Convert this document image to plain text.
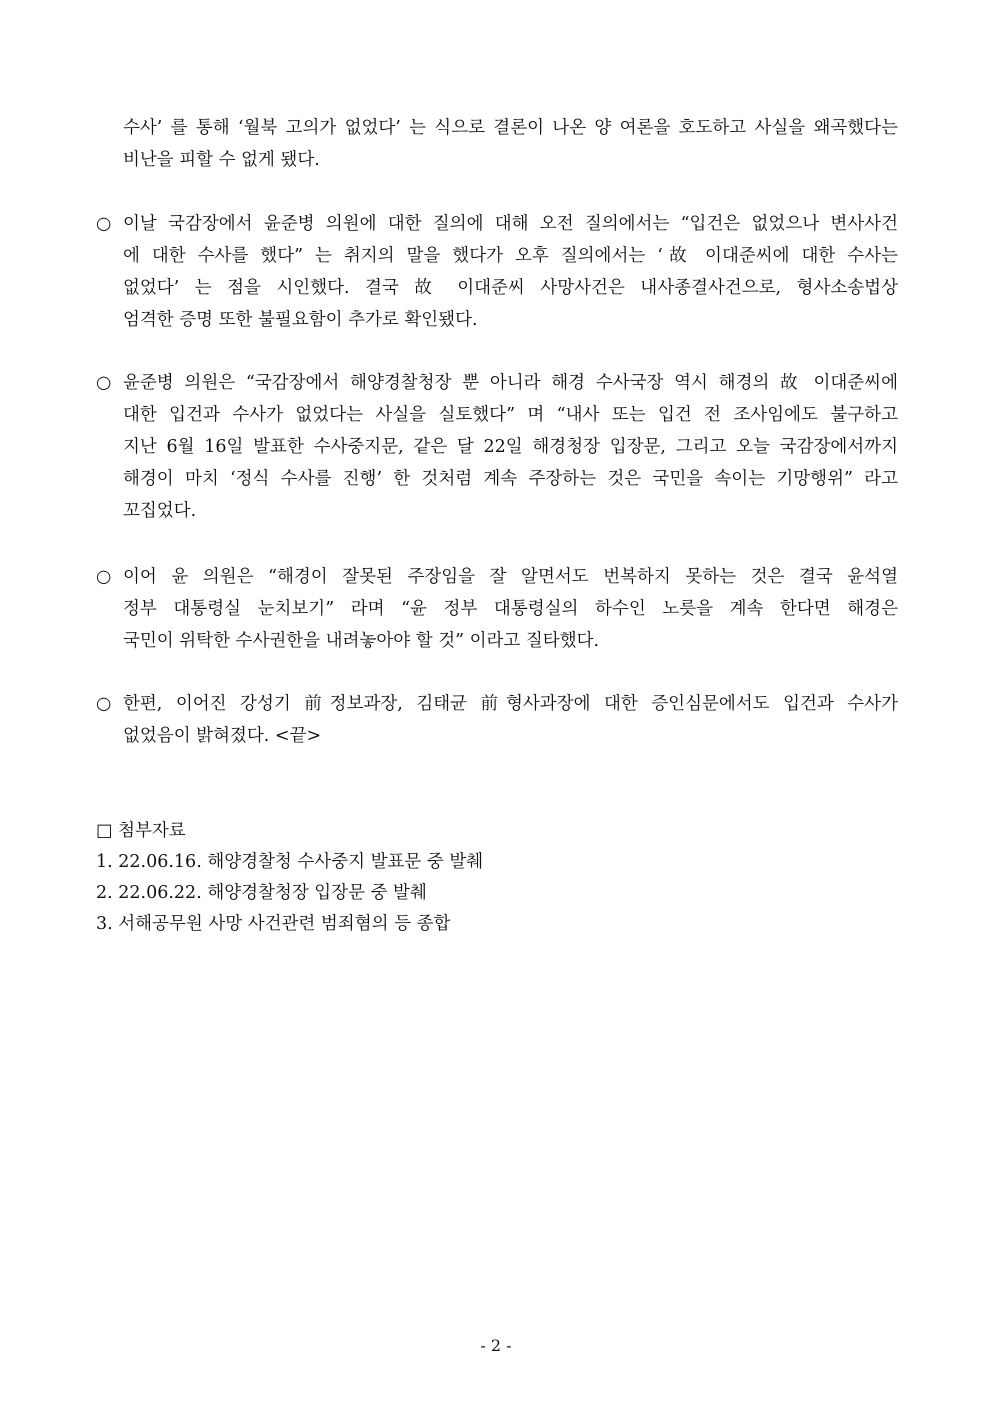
수사’ 를 통해 ‘월북 고의가 없었다’ 는 식으로 결론이 나온 양 여론을 호도하고 사실을 왜곡했다는
비난을 피할 수 없게 됐다.
○ 이날 국감장에서 윤준병 의원에 대한 질의에 대해 오전 질의에서는 “입건은 없었으나 변사사건
에 대한 수사를 했다” 는 취지의 말을 했다가 오후 질의에서는 ‘故 이대준씨에 대한 수사는
없었다’ 는 점을 시인했다. 결국 故 이대준씨 사망사건은 내사종결사건으로, 형사소송법상
엄격한 증명 또한 불필요함이 추가로 확인됐다.
○ 윤준병 의원은 “국감장에서 해양경찰청장 뿐 아니라 해경 수사국장 역시 해경의 故 이대준씨에
대한 입건과 수사가 없었다는 사실을 실토했다” 며 “내사 또는 입건 전 조사임에도 불구하고
지난 6월 16일 발표한 수사중지문, 같은 달 22일 해경청장 입장문, 그리고 오늘 국감장에서까지
해경이 마치 ‘정식 수사를 진행’ 한 것처럼 계속 주장하는 것은 국민을 속이는 기망행위” 라고
꼬집었다.
○ 이어 윤 의원은 “해경이 잘못된 주장임을 잘 알면서도 번복하지 못하는 것은 결국 윤석열
정부 대통령실 눈치보기” 라며 “윤 정부 대통령실의 하수인 노릇을 계속 한다면 해경은
국민이 위탁한 수사권한을 내려놓아야 할 것” 이라고 질타했다.
○ 한편, 이어진 강성기 前정보과장, 김태균 前형사과장에 대한 증인심문에서도 입건과 수사가
없었음이 밝혀졌다. <끝>
□ 첨부자료
1. 22.06.16. 해양경찰청 수사중지 발표문 중 발췌
2. 22.06.22. 해양경찰청장 입장문 중 발췌
3. 서해공무원 사망 사건관련 범죄혐의 등 종합
- 2 -
